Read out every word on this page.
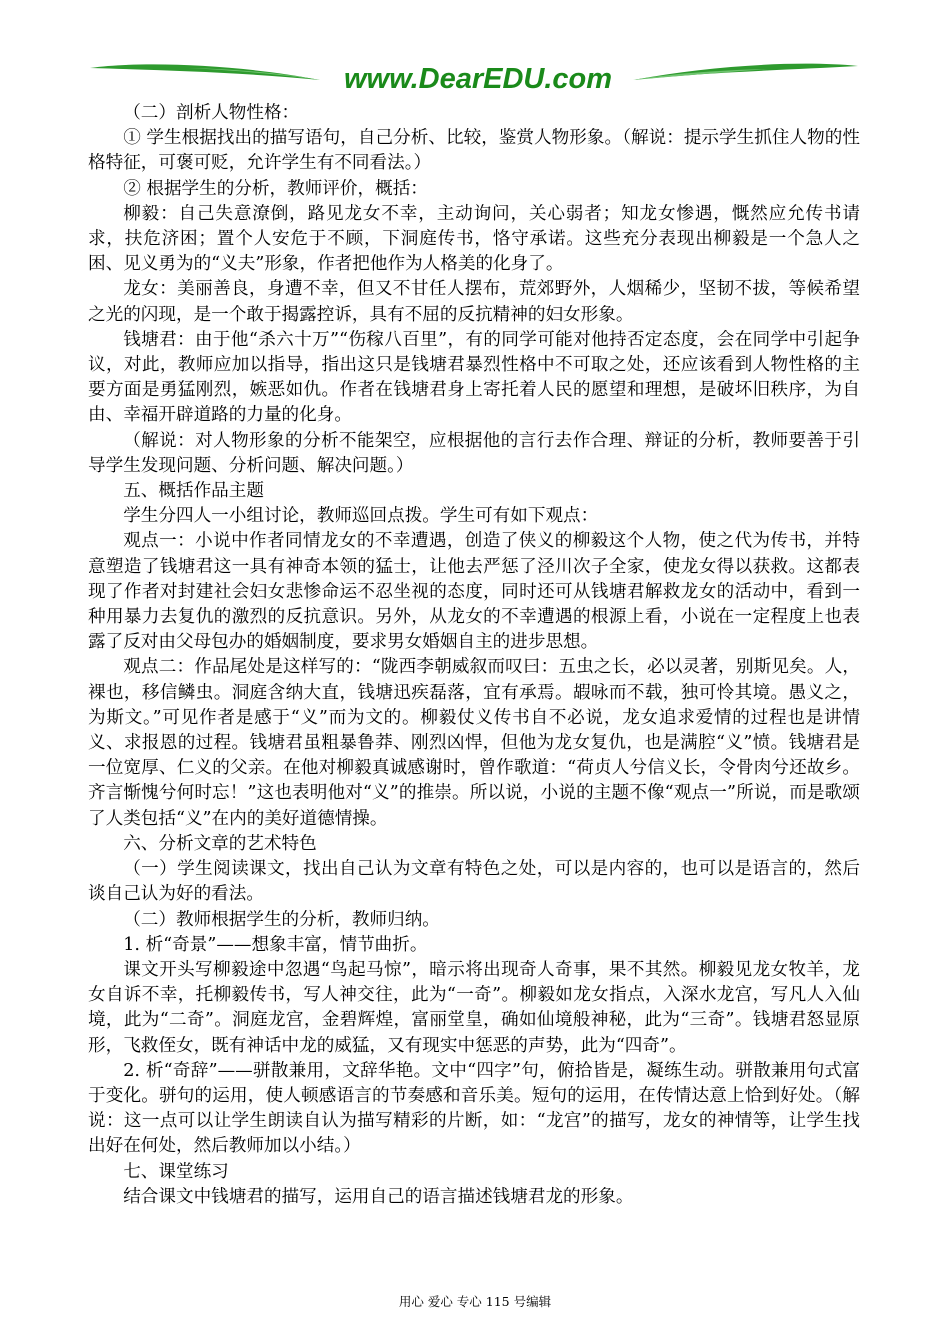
www.DearEDU.com

（二）剖析人物性格：

① 学生根据找出的描写语句，自己分析、比较，鉴赏人物形象。（解说：提示学生抓住人物的性格特征，可褒可贬，允许学生有不同看法。）

② 根据学生的分析，教师评价，概括：

柳毅：自己失意潦倒，路见龙女不幸，主动询问，关心弱者；知龙女惨遇，慨然应允传书请求，扶危济困；置个人安危于不顾，下洞庭传书，恪守承诺。这些充分表现出柳毅是一个急人之困、见义勇为的“义夫”形象，作者把他作为人格美的化身了。

龙女：美丽善良，身遭不幸，但又不甘任人摆布，荒郊野外，人烟稀少，坚韧不拔，等候希望之光的闪现，是一个敢于揭露控诉，具有不屈的反抗精神的妇女形象。

钱塘君：由于他“杀六十万”“伤稼八百里”，有的同学可能对他持否定态度，会在同学中引起争议，对此，教师应加以指导，指出这只是钱塘君暴烈性格中不可取之处，还应该看到人物性格的主要方面是勇猛刚烈，嫉恶如仇。作者在钱塘君身上寄托着人民的愿望和理想，是破坏旧秩序，为自由、幸福开辟道路的力量的化身。

（解说：对人物形象的分析不能架空，应根据他的言行去作合理、辩证的分析，教师要善于引导学生发现问题、分析问题、解决问题。）

五、概括作品主题

学生分四人一小组讨论，教师巡回点拨。学生可有如下观点：

观点一：小说中作者同情龙女的不幸遭遇，创造了侠义的柳毅这个人物，使之代为传书，并特意塑造了钱塘君这一具有神奇本领的猛士，让他去严惩了泾川次子全家，使龙女得以获救。这都表现了作者对封建社会妇女悲惨命运不忍坐视的态度，同时还可从钱塘君解救龙女的活动中，看到一种用暴力去复仇的激烈的反抗意识。另外，从龙女的不幸遭遇的根源上看，小说在一定程度上也表露了反对由父母包办的婚姻制度，要求男女婚姻自主的进步思想。

观点二：作品尾处是这样写的：“陇西李朝威叙而叹曰：五虫之长，必以灵著，别斯见矣。人，裸也，移信鳞虫。洞庭含纳大直，钱塘迅疾磊落，宜有承焉。嘏咏而不载，独可怜其境。愚义之，为斯文。”可见作者是感于“义”而为文的。柳毅仗义传书自不必说，龙女追求爱情的过程也是讲情义、求报恩的过程。钱塘君虽粗暴鲁莽、刚烈凶悍，但他为龙女复仇，也是满腔“义”愤。钱塘君是一位宽厚、仁义的父亲。在他对柳毅真诚感谢时，曾作歌道：“荷贞人兮信义长，令骨肉兮还故乡。齐言惭愧兮何时忘！”这也表明他对“义”的推崇。所以说，小说的主题不像“观点一”所说，而是歌颂了人类包括“义”在内的美好道德情操。

六、分析文章的艺术特色

（一）学生阅读课文，找出自己认为文章有特色之处，可以是内容的，也可以是语言的，然后谈自己认为好的看法。

（二）教师根据学生的分析，教师归纳。

1. 析“奇景”——想象丰富，情节曲折。

课文开头写柳毅途中忽遇“鸟起马惊”，暗示将出现奇人奇事，果不其然。柳毅见龙女牧羊，龙女自诉不幸，托柳毅传书，写人神交往，此为“一奇”。柳毅如龙女指点，入深水龙宫，写凡人入仙境，此为“二奇”。洞庭龙宫，金碧辉煌，富丽堂皇，确如仙境般神秘，此为“三奇”。钱塘君怒显原形，飞救侄女，既有神话中龙的威猛，又有现实中惩恶的声势，此为“四奇”。

2. 析“奇辞”——骈散兼用，文辞华艳。文中“四字”句，俯拾皆是，凝练生动。骈散兼用句式富于变化。骈句的运用，使人顿感语言的节奏感和音乐美。短句的运用，在传情达意上恰到好处。（解说：这一点可以让学生朗读自认为描写精彩的片断，如：“龙宫”的描写，龙女的神情等，让学生找出好在何处，然后教师加以小结。）

七、课堂练习

结合课文中钱塘君的描写，运用自己的语言描述钱塘君龙的形象。

用心 爱心 专心 115 号编辑
